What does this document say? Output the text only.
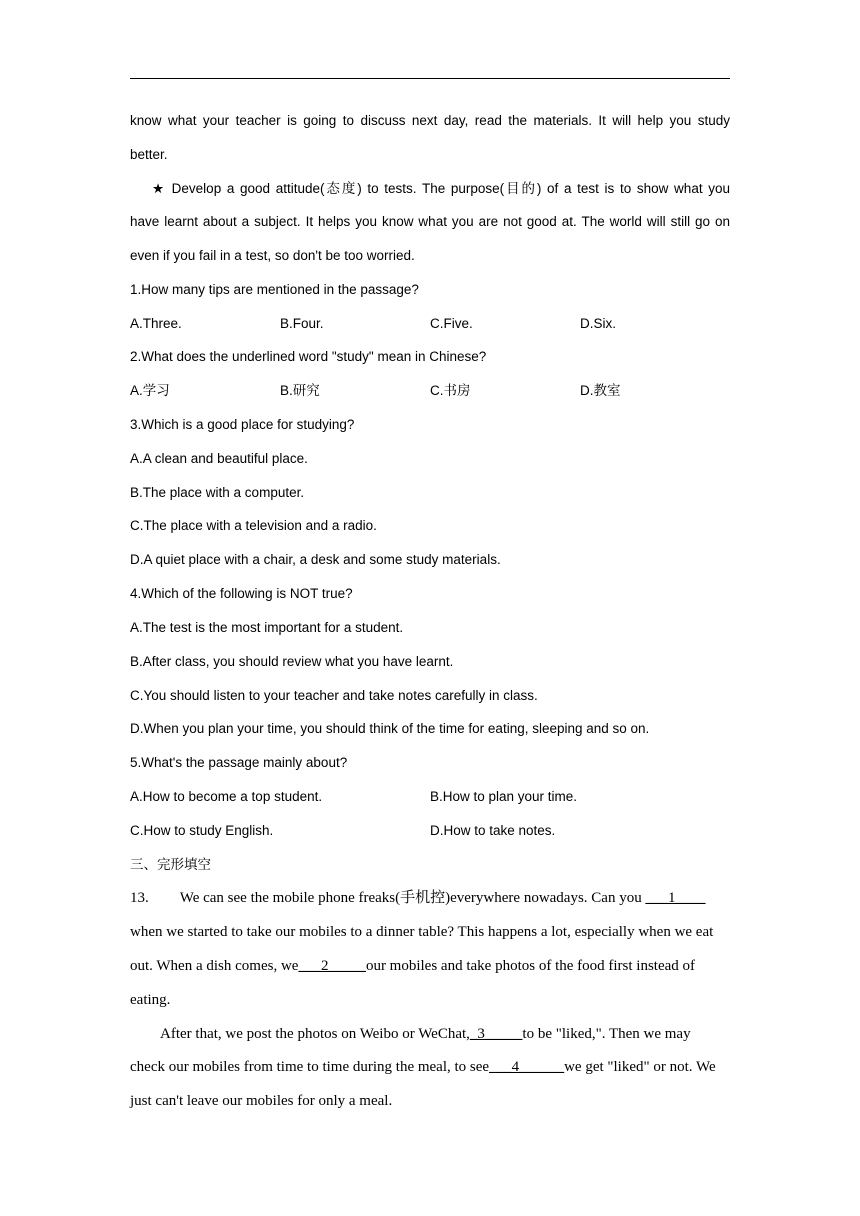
know what your teacher is going to discuss next day, read the materials. It will help you study
better.
★ Develop a good attitude(态度) to tests. The purpose(目的) of a test is to show what you
have learnt about a subject. It helps you know what you are not good at. The world will still go on
even if you fail in a test, so don't be too worried.
1.How many tips are mentioned in the passage?
A.Three.	B.Four.	C.Five.	D.Six.
2.What does the underlined word "study" mean in Chinese?
A.学习	B.研究	C.书房	D.教室
3.Which is a good place for studying?
A.A clean and beautiful place.
B.The place with a computer.
C.The place with a television and a radio.
D.A quiet place with a chair, a desk and some study materials.
4.Which of the following is NOT true?
A.The test is the most important for a student.
B.After class, you should review what you have learnt.
C.You should listen to your teacher and take notes carefully in class.
D.When you plan your time, you should think of the time for eating, sleeping and so on.
5.What's the passage mainly about?
A.How to become a top student.	B.How to plan your time.
C.How to study English.	D.How to take notes.
三、完形填空
13. We can see the mobile phone freaks(手机控)everywhere nowadays. Can you ___1____
when we started to take our mobiles to a dinner table? This happens a lot, especially when we eat
out. When a dish comes, we___2_____our mobiles and take photos of the food first instead of
eating.
After that, we post the photos on Weibo or WeChat,_3_____to be "liked,". Then we may
check our mobiles from time to time during the meal, to see___4______we get "liked" or not. We
just can't leave our mobiles for only a meal.
